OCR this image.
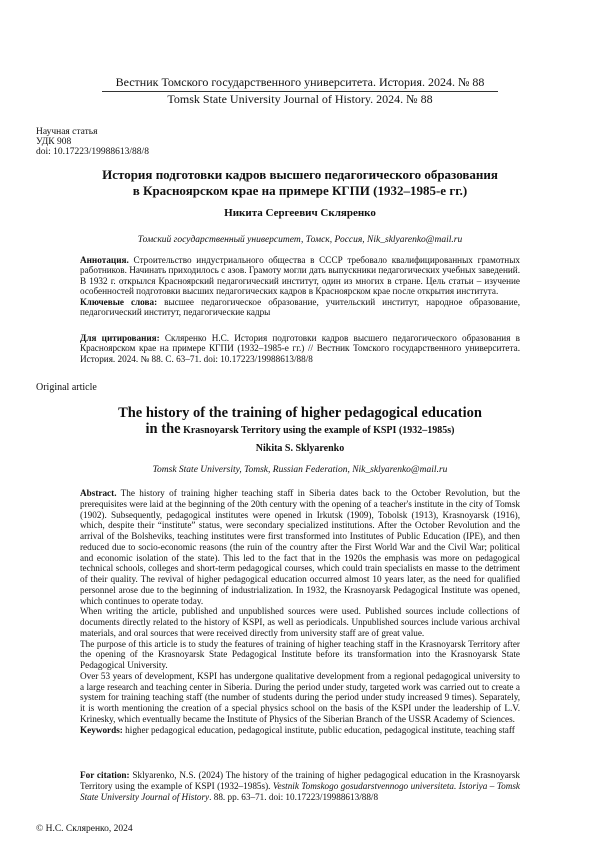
Вестник Томского государственного университета. История. 2024. № 88
Tomsk State University Journal of History. 2024. № 88
Научная статья
УДК 908
doi: 10.17223/19988613/88/8
История подготовки кадров высшего педагогического образования
в Красноярском крае на примере КГПИ (1932–1985-е гг.)
Никита Сергеевич Скляренко
Томский государственный университет, Томск, Россия, Nik_sklyarenko@mail.ru
Аннотация. Строительство индустриального общества в СССР требовало квалифицированных грамотных работников. Начинать приходилось с азов. Грамоту могли дать выпускники педагогических учебных заведений. В 1932 г. открылся Красноярский педагогический институт, один из многих в стране. Цель статьи – изучение особенностей подготовки высших педагогических кадров в Красноярском крае после открытия института.
Ключевые слова: высшее педагогическое образование, учительский институт, народное образование, педагогический институт, педагогические кадры
Для цитирования: Скляренко Н.С. История подготовки кадров высшего педагогического образования в Красноярском крае на примере КГПИ (1932–1985-е гг.) // Вестник Томского государственного университета. История. 2024. № 88. С. 63–71. doi: 10.17223/19988613/88/8
Original article
The history of the training of higher pedagogical education
in the Krasnoyarsk Territory using the example of KSPI (1932–1985s)
Nikita S. Sklyarenko
Tomsk State University, Tomsk, Russian Federation, Nik_sklyarenko@mail.ru

Abstract. The history of training higher teaching staff in Siberia dates back to the October Revolution, but the prerequisites were laid at the beginning of the 20th century with the opening of a teacher's institute in the city of Tomsk (1902). Subsequently, pedagogical institutes were opened in Irkutsk (1909), Tobolsk (1913), Krasnoyarsk (1916), which, despite their “institute” status, were secondary specialized institutions. After the October Revolution and the arrival of the Bolsheviks, teaching institutes were first transformed into Institutes of Public Education (IPE), and then reduced due to socio-economic reasons (the ruin of the country after the First World War and the Civil War; political and economic isolation of the state). This led to the fact that in the 1920s the emphasis was more on pedagogical technical schools, colleges and short-term pedagogical courses, which could train specialists en masse to the detriment of their quality. The revival of higher pedagogical education occurred almost 10 years later, as the need for qualified personnel arose due to the beginning of industrialization. In 1932, the Krasnoyarsk Pedagogical Institute was opened, which continues to operate today.

When writing the article, published and unpublished sources were used. Published sources include collections of documents directly related to the history of KSPI, as well as periodicals. Unpublished sources include various archival materials, and oral sources that were received directly from university staff are of great value.

The purpose of this article is to study the features of training of higher teaching staff in the Krasnoyarsk Territory after the opening of the Krasnoyarsk State Pedagogical Institute before its transformation into the Krasnoyarsk State Pedagogical University.

Over 53 years of development, KSPI has undergone qualitative development from a regional pedagogical university to a large research and teaching center in Siberia. During the period under study, targeted work was carried out to create a system for training teaching staff (the number of students during the period under study increased 9 times). Separately, it is worth mentioning the creation of a special physics school on the basis of the KSPI under the leadership of L.V. Krinesky, which eventually became the Institute of Physics of the Siberian Branch of the USSR Academy of Sciences.

Keywords: higher pedagogical education, pedagogical institute, public education, pedagogical institute, teaching staff

For citation: Sklyarenko, N.S. (2024) The history of the training of higher pedagogical education in the Krasnoyarsk Territory using the example of KSPI (1932–1985s). Vestnik Tomskogo gosudarstvennogo universiteta. Istoriya – Tomsk State University Journal of History. 88. pp. 63–71. doi: 10.17223/19988613/88/8
© Н.С. Скляренко, 2024
